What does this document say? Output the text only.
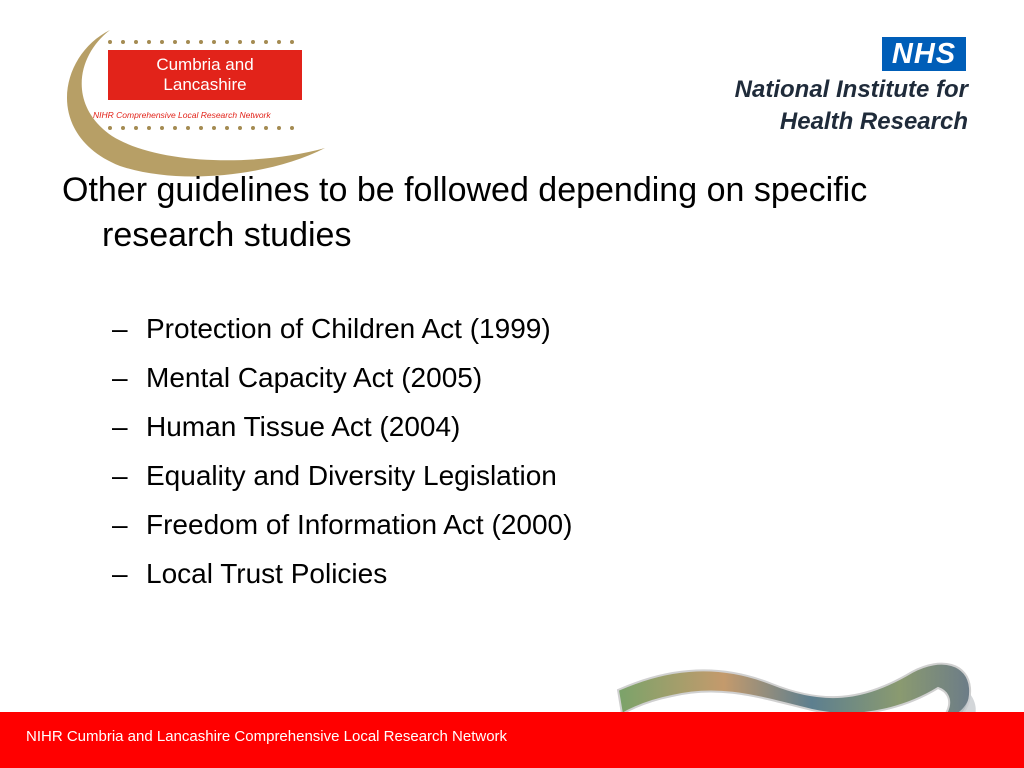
Cumbria and
Lancashire
NIHR Comprehensive Local Research Network
NHS
National Institute for
Health Research
Other guidelines to be followed depending on specific research studies
– Protection of Children Act (1999)
– Mental Capacity Act (2005)
– Human Tissue Act (2004)
– Equality and Diversity Legislation
– Freedom of Information Act (2000)
– Local Trust Policies
NIHR Cumbria and Lancashire Comprehensive Local Research Network
